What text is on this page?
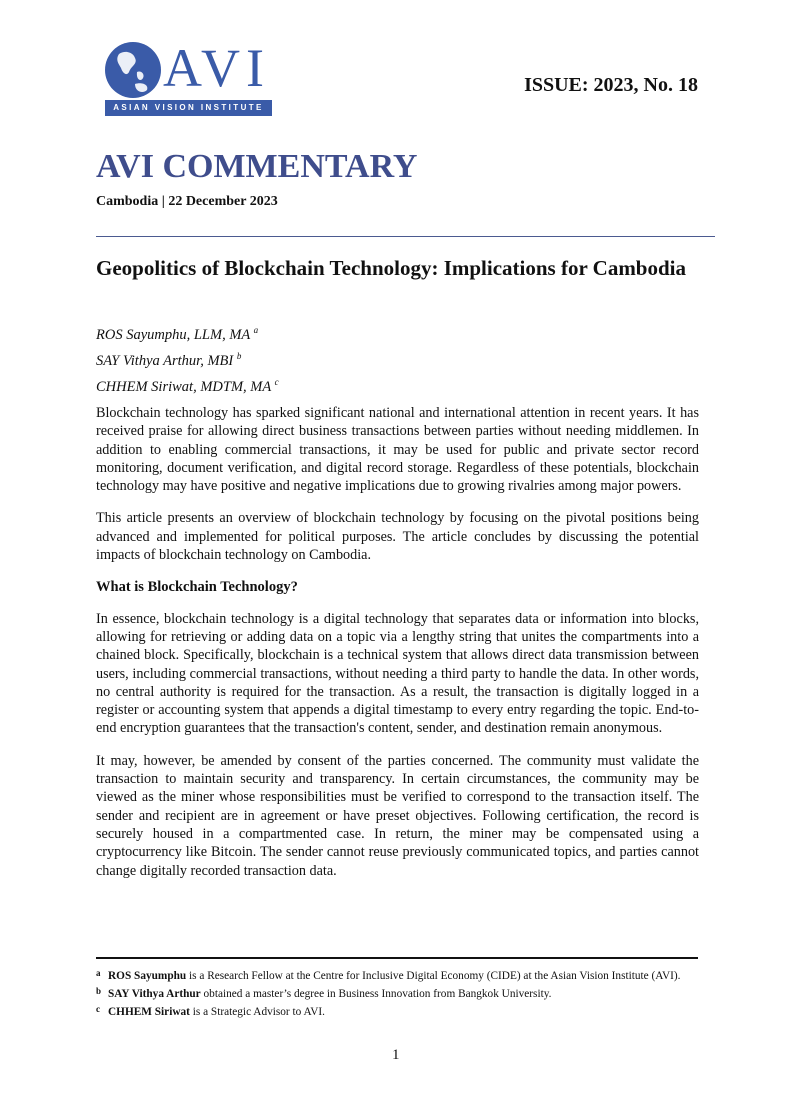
AVI
ASIAN VISION INSTITUTE
ISSUE: 2023, No. 18
AVI COMMENTARY
Cambodia | 22 December 2023
Geopolitics of Blockchain Technology: Implications for Cambodia
ROS Sayumphu, LLM, MA $^a$
SAY Vithya Arthur, MBI $^b$
CHHEM Siriwat, MDTM, MA $^c$

Blockchain technology has sparked significant national and international attention in recent years. It has received praise for allowing direct business transactions between parties without needing middlemen. In addition to enabling commercial transactions, it may be used for public and private sector record monitoring, document verification, and digital record storage. Regardless of these potentials, blockchain technology may have positive and negative implications due to growing rivalries among major powers.

This article presents an overview of blockchain technology by focusing on the pivotal positions being advanced and implemented for political purposes. The article concludes by discussing the potential impacts of blockchain technology on Cambodia.

What is Blockchain Technology?

In essence, blockchain technology is a digital technology that separates data or information into blocks, allowing for retrieving or adding data on a topic via a lengthy string that unites the compartments into a chained block. Specifically, blockchain is a technical system that allows direct data transmission between users, including commercial transactions, without needing a third party to handle the data. In other words, no central authority is required for the transaction. As a result, the transaction is digitally logged in a register or accounting system that appends a digital timestamp to every entry regarding the topic. End-to-end encryption guarantees that the transaction's content, sender, and destination remain anonymous.

It may, however, be amended by consent of the parties concerned. The community must validate the transaction to maintain security and transparency. In certain circumstances, the community may be viewed as the miner whose responsibilities must be verified to correspond to the transaction itself. The sender and recipient are in agreement or have preset objectives. Following certification, the record is securely housed in a compartmented case. In return, the miner may be compensated using a cryptocurrency like Bitcoin. The sender cannot reuse previously communicated topics, and parties cannot change digitally recorded transaction data.

a ROS Sayumphu is a Research Fellow at the Centre for Inclusive Digital Economy (CIDE) at the Asian Vision Institute (AVI).
b SAY Vithya Arthur obtained a master’s degree in Business Innovation from Bangkok University.
c CHHEM Siriwat is a Strategic Advisor to AVI.
1
